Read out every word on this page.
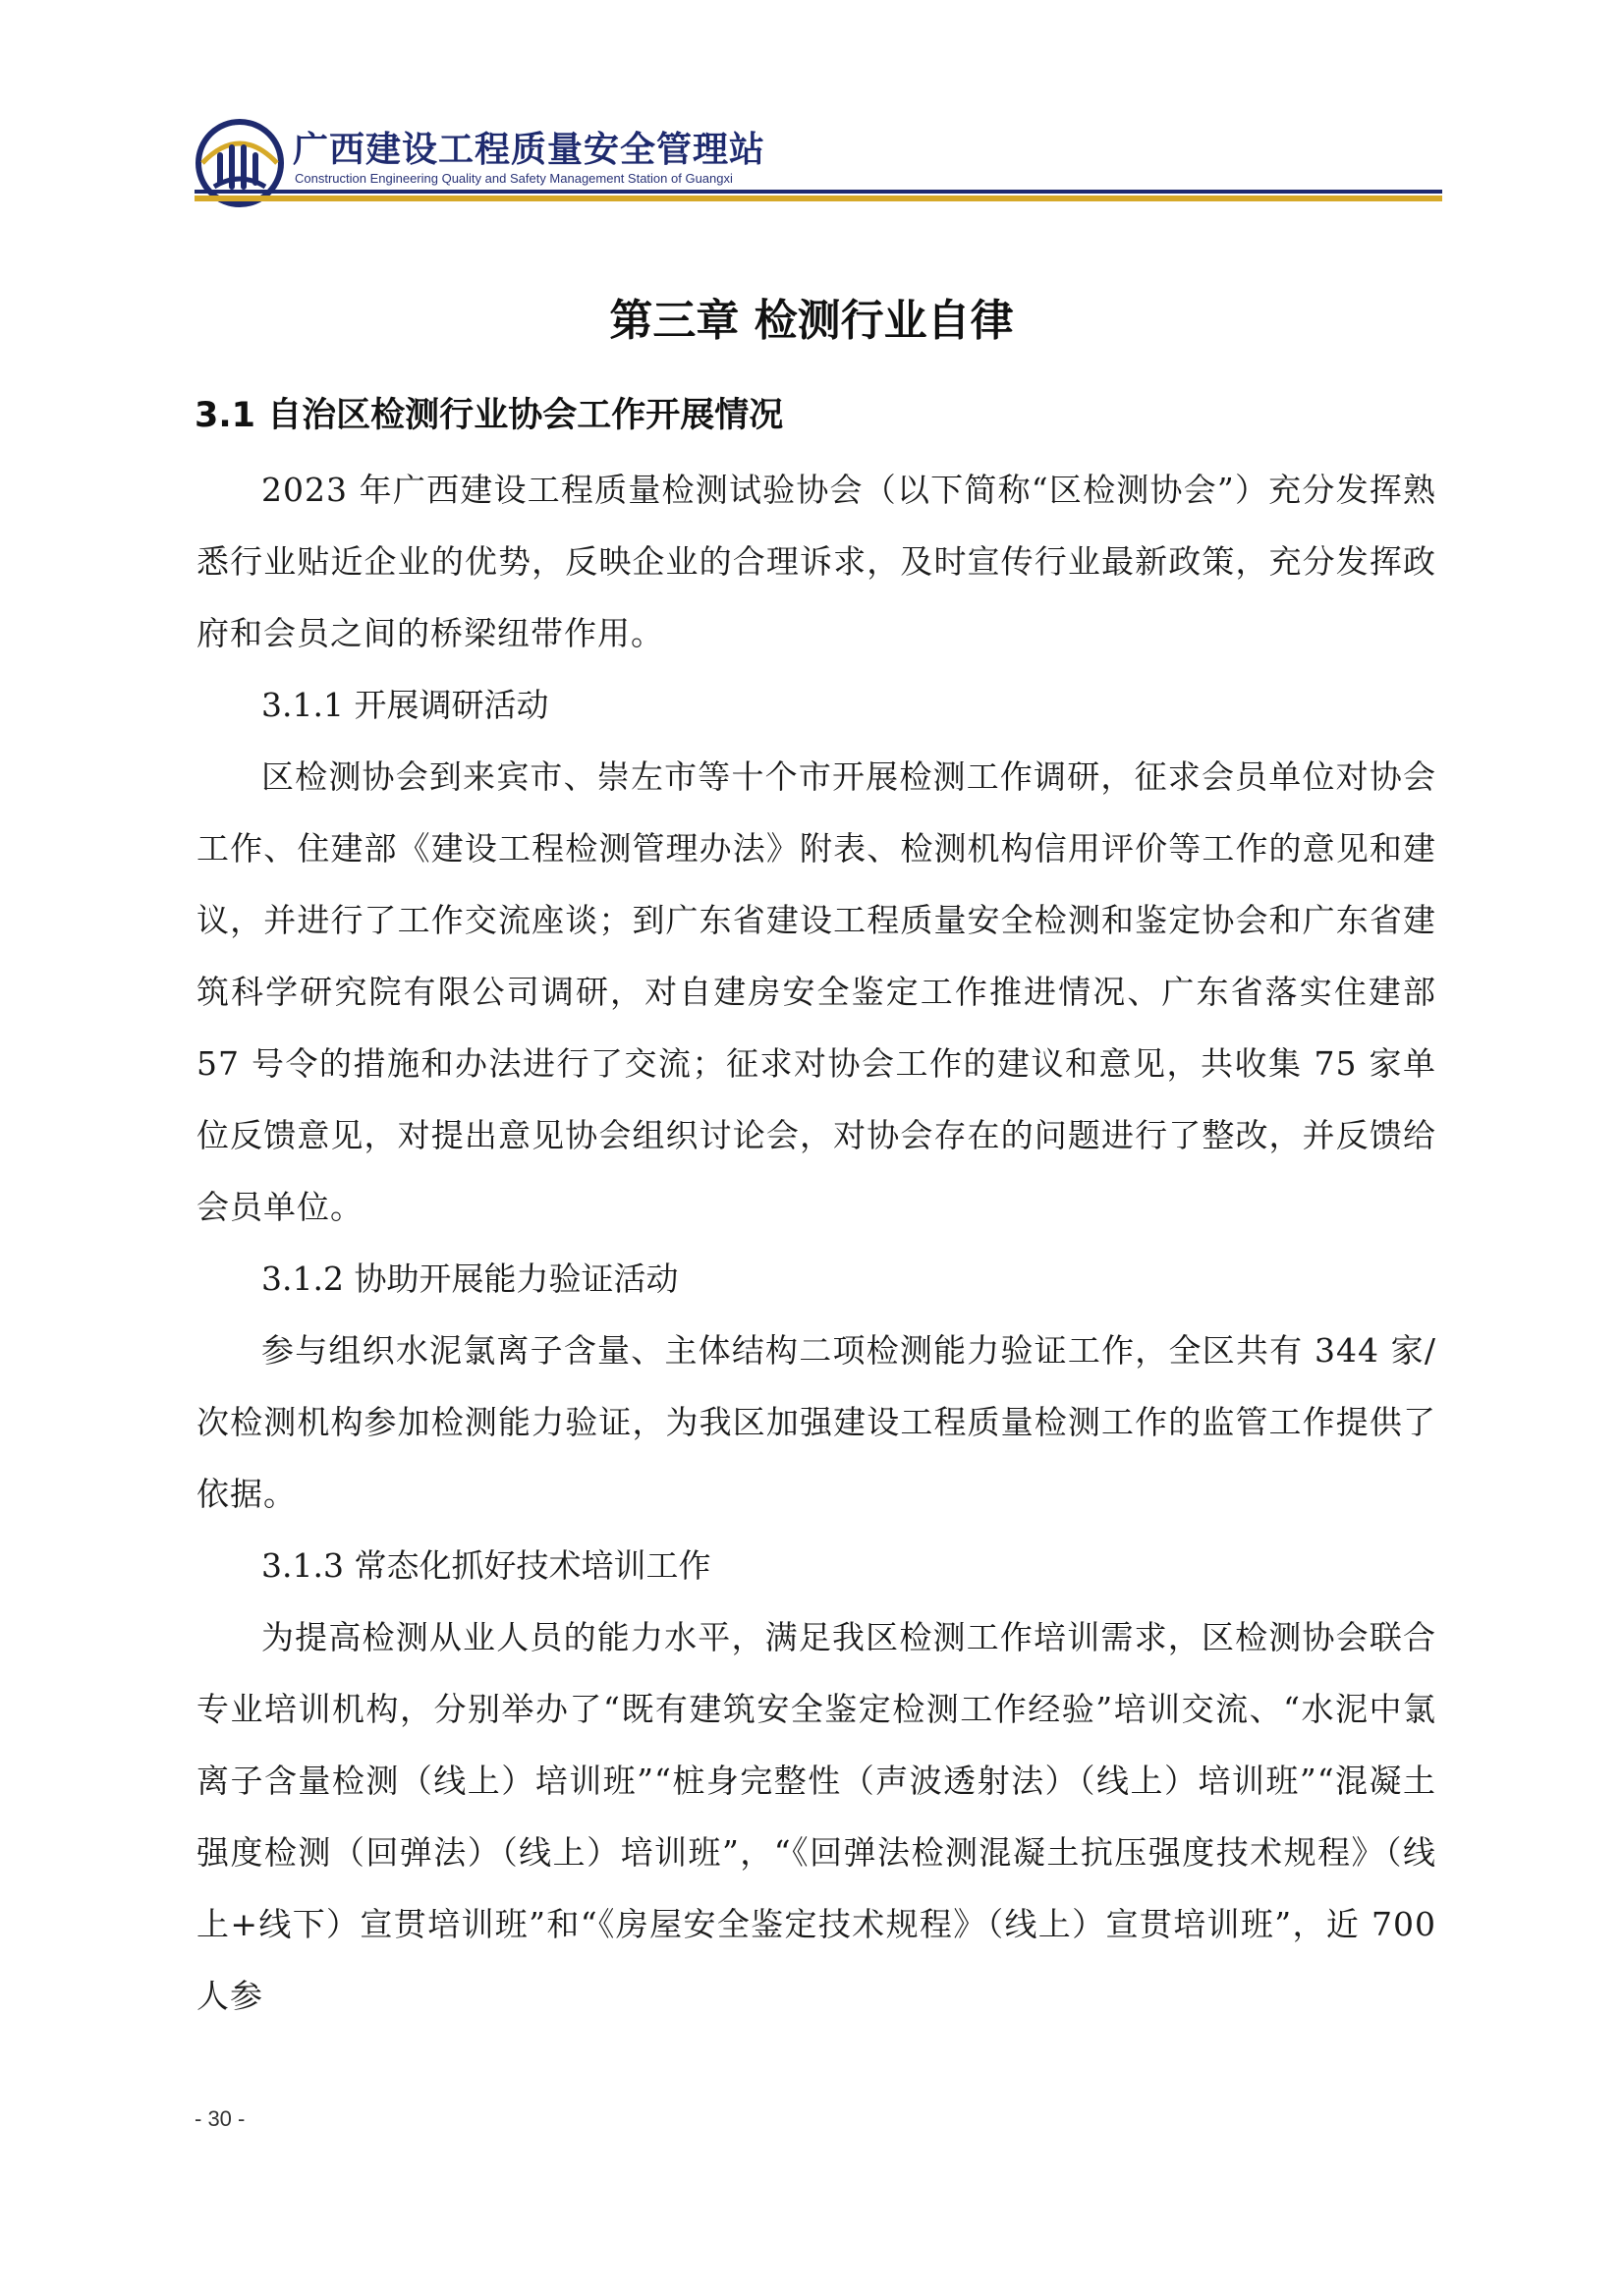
广西建设工程质量安全管理站
Construction Engineering Quality and Safety Management Station of Guangxi
第三章 检测行业自律
3.1 自治区检测行业协会工作开展情况

2023 年广西建设工程质量检测试验协会（以下简称“区检测协会”）充分发挥熟悉行业贴近企业的优势，反映企业的合理诉求，及时宣传行业最新政策，充分发挥政府和会员之间的桥梁纽带作用。

3.1.1 开展调研活动

区检测协会到来宾市、崇左市等十个市开展检测工作调研，征求会员单位对协会工作、住建部《建设工程检测管理办法》附表、检测机构信用评价等工作的意见和建议，并进行了工作交流座谈；到广东省建设工程质量安全检测和鉴定协会和广东省建筑科学研究院有限公司调研，对自建房安全鉴定工作推进情况、广东省落实住建部 57 号令的措施和办法进行了交流；征求对协会工作的建议和意见，共收集 75 家单位反馈意见，对提出意见协会组织讨论会，对协会存在的问题进行了整改，并反馈给会员单位。

3.1.2 协助开展能力验证活动

参与组织水泥氯离子含量、主体结构二项检测能力验证工作，全区共有 344 家/次检测机构参加检测能力验证，为我区加强建设工程质量检测工作的监管工作提供了依据。

3.1.3 常态化抓好技术培训工作

为提高检测从业人员的能力水平，满足我区检测工作培训需求，区检测协会联合专业培训机构，分别举办了“既有建筑安全鉴定检测工作经验”培训交流、“水泥中氯离子含量检测（线上）培训班”“桩身完整性（声波透射法）（线上）培训班”“混凝土强度检测（回弹法）（线上）培训班”，“《回弹法检测混凝土抗压强度技术规程》（线上+线下）宣贯培训班”和“《房屋安全鉴定技术规程》（线上）宣贯培训班”，近 700 人参

- 30 -
